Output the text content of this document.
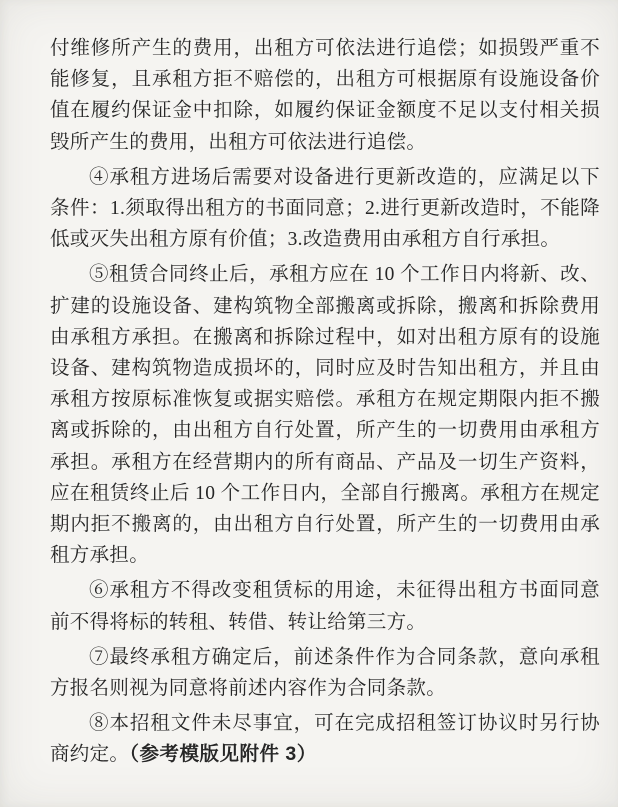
付维修所产生的费用，出租方可依法进行追偿；如损毁严重不能修复，且承租方拒不赔偿的，出租方可根据原有设施设备价值在履约保证金中扣除，如履约保证金额度不足以支付相关损毁所产生的费用，出租方可依法进行追偿。

④承租方进场后需要对设备进行更新改造的，应满足以下条件：1.须取得出租方的书面同意；2.进行更新改造时，不能降低或灭失出租方原有价值；3.改造费用由承租方自行承担。

⑤租赁合同终止后，承租方应在 10 个工作日内将新、改、扩建的设施设备、建构筑物全部搬离或拆除，搬离和拆除费用由承租方承担。在搬离和拆除过程中，如对出租方原有的设施设备、建构筑物造成损坏的，同时应及时告知出租方，并且由承租方按原标准恢复或据实赔偿。承租方在规定期限内拒不搬离或拆除的，由出租方自行处置，所产生的一切费用由承租方承担。承租方在经营期内的所有商品、产品及一切生产资料，应在租赁终止后 10 个工作日内，全部自行搬离。承租方在规定期内拒不搬离的，由出租方自行处置，所产生的一切费用由承租方承担。

⑥承租方不得改变租赁标的用途，未征得出租方书面同意前不得将标的转租、转借、转让给第三方。

⑦最终承租方确定后，前述条件作为合同条款，意向承租方报名则视为同意将前述内容作为合同条款。

⑧本招租文件未尽事宜，可在完成招租签订协议时另行协商约定。（参考模版见附件 3）
